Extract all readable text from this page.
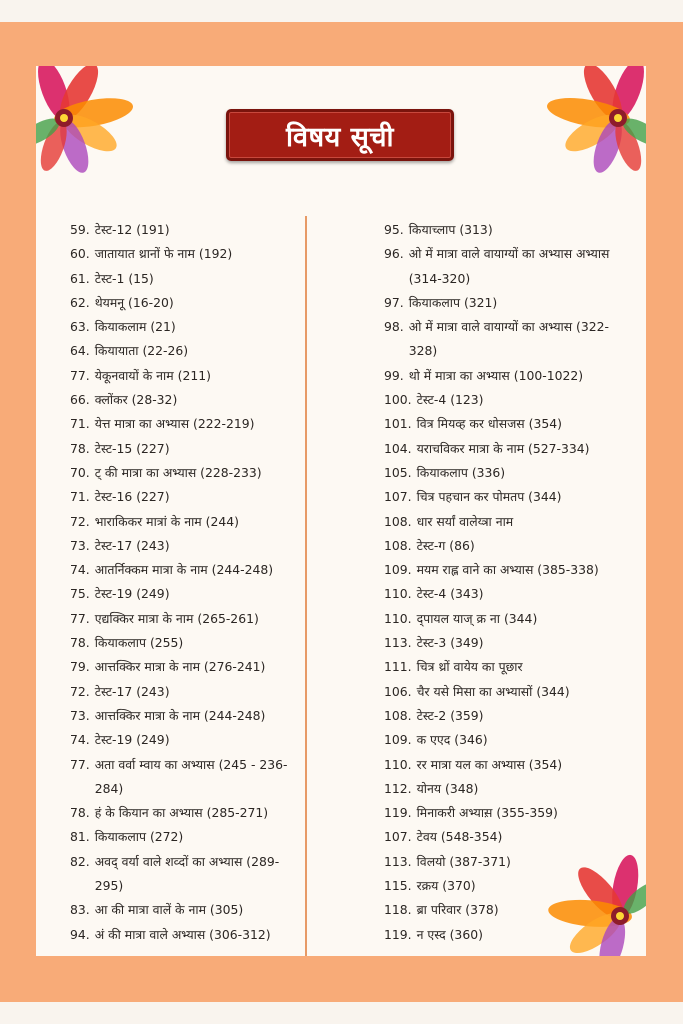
विषय सूची
59. टेस्ट-12 (191)
60. जातायात थ्रानों फे नाम (192)
61. टेस्ट-1 (15)
62. थेयमनू (16-20)
63. कियाकलाम (21)
64. कियायाता (22-26)
77. येकूनवायों के नाम (211)
66. क्लोंकर (28-32)
71. येत्त मात्रा का अभ्यास (222-219)
78. टेस्ट-15 (227)
70. ट् की मात्रा का अभ्यास (228-233)
71. टेस्ट-16 (227)
72. भाराकिकर मात्रां के नाम (244)
73. टेस्ट-17 (243)
74. आतर्निक्कम मात्रा के नाम (244-248)
75. टेस्ट-19 (249)
77. एद्यक्किर मात्रा के नाम (265-261)
78. कियाकलाप (255)
79. आत्तक्किर मात्रा के नाम (276-241)
72. टेस्ट-17 (243)
73. आत्तक्किर मात्रा के नाम (244-248)
74. टेस्ट-19 (249)
77. अता वर्वा म्वाय का अभ्यास (245 - 236-284)
78. हं के कियान का अभ्यास (285-271)
81. कियाकलाप (272)
82. अवद् वर्या वाले शव्दों का अभ्यास (289-295)
83. आ की मात्रा वालें के नाम (305)
94. अं की मात्रा वाले अभ्यास (306-312)
95. कियाच्लाप (313)
96. ओ में मात्रा वाले वायाग्यों का अभ्यास अभ्यास (314-320)
97. कियाकलाप (321)
98. ओ में मात्रा वाले वायाग्यों का अभ्यास (322-328)
99. थो में मात्रा का अभ्यास (100-1022)
100. टेस्ट-4 (123)
101. वित्र मियव्ह कर धोसजस (354)
104. यराचविकर मात्रा के नाम (527-334)
105. कियाकलाप (336)
107. चित्र पहचान कर पोमतप (344)
108. धार सर्यां वालेय्त्रा नाम
108. टेस्ट-ग (86)
109. मयम राह्ल वाने का अभ्यास (385-338)
110. टेस्ट-4 (343)
110. द्पायल याज् क्र ना (344)
113. टेस्ट-3 (349)
111. चित्र थ्रों वायेय का पूछार
106. चैर यसे मिसा का अभ्यासों (344)
108. टेस्ट-2 (359)
109. क एएद (346)
110. रर मात्रा यल का अभ्यास (354)
112. योनय (348)
119. मिनाकरी अभ्यास़ (355-359)
107. टेवय (548-354)
113. विलयो (387-371)
115. रक्रय (370)
118. ब्रा परिवार (378)
119. न एस्द (360)
